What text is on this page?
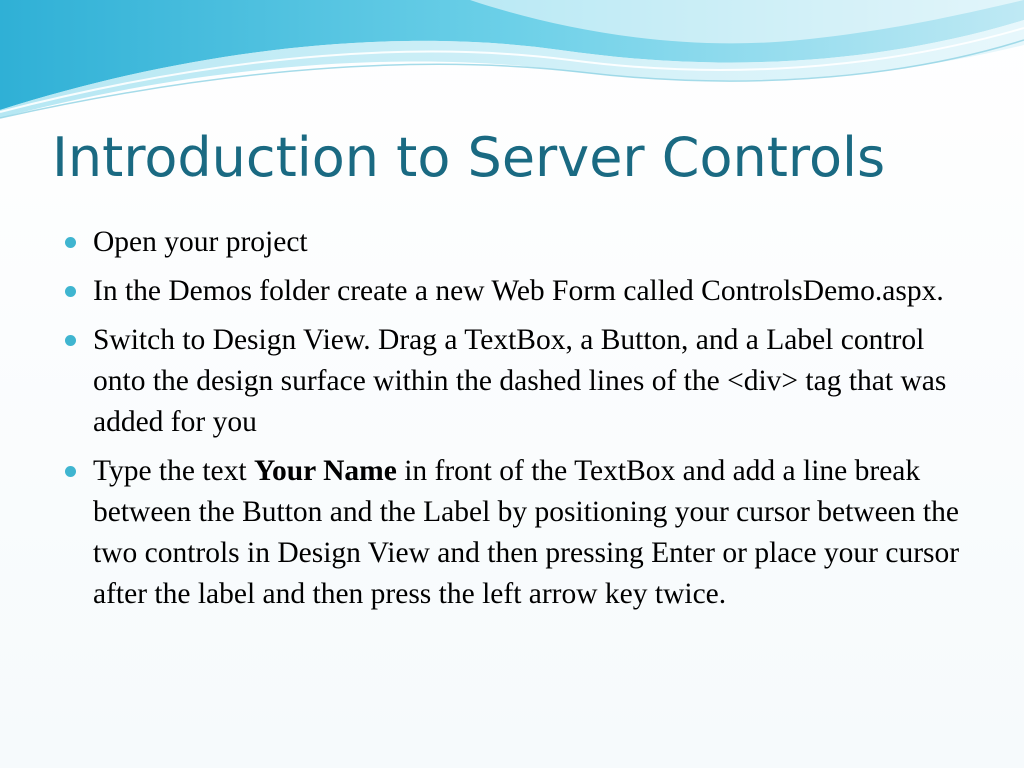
Introduction to Server Controls
Open your project
In the Demos folder create a new Web Form called ControlsDemo.aspx.
Switch to Design View. Drag a TextBox, a Button, and a Label control onto the design surface within the dashed lines of the <div> tag that was added for you
Type the text Your Name in front of the TextBox and add a line break between the Button and the Label by positioning your cursor between the two controls in Design View and then pressing Enter or place your cursor after the label and then press the left arrow key twice.
